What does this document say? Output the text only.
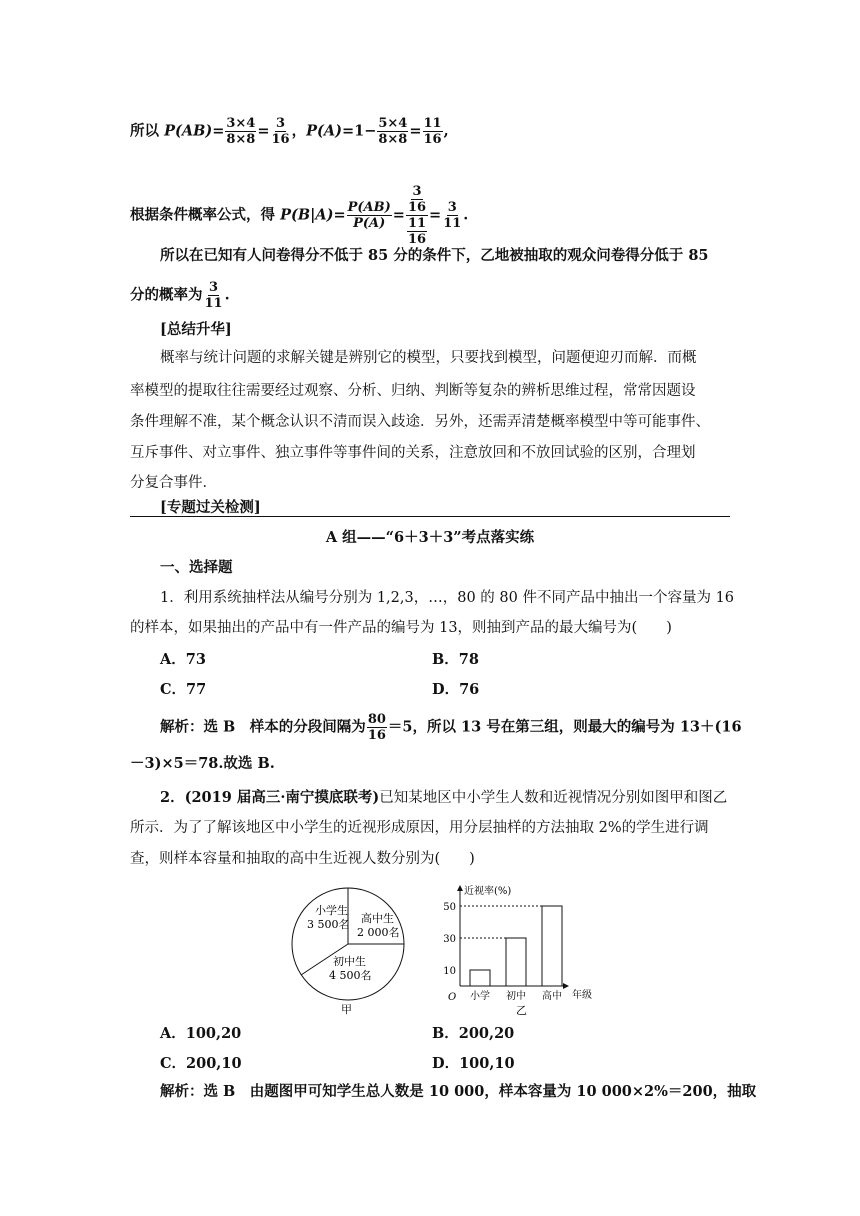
所以 $P(AB)= \frac{3\times 4}{8\times 8} = \frac{3}{16}$ ，$P(A)=1- \frac{5\times 4}{8\times 8} = \frac{11}{16}$ ,
根据条件概率公式，得 $P(B|A)= \frac{P(AB)}{P(A)} = \frac{\frac{3}{16}}{\frac{11}{16}} = \frac{3}{11}$ .
所以在已知有人问卷得分不低于 85 分的条件下，乙地被抽取的观众问卷得分低于 85
分的概率为 $\frac{3}{11}$ .
[总结升华]
概率与统计问题的求解关键是辨别它的模型，只要找到模型，问题便迎刃而解．而概
率模型的提取往往需要经过观察、分析、归纳、判断等复杂的辨析思维过程，常常因题设
条件理解不准，某个概念认识不清而误入歧途．另外，还需弄清楚概率模型中等可能事件、
互斥事件、对立事件、独立事件等事件间的关系，注意放回和不放回试验的区别，合理划
分复合事件．
[专题过关检测]
A 组——“6＋3＋3”考点落实练
一、选择题
1．利用系统抽样法从编号分别为 1,2,3，…，80 的 80 件不同产品中抽出一个容量为 16
的样本，如果抽出的产品中有一件产品的编号为 13，则抽到产品的最大编号为(　　)
A．73	B．78
C．77	D．76
解析：选 B　样本的分段间隔为 $\frac{80}{16} =5$，所以 13 号在第三组，则最大的编号为 13＋(16
－3)×5＝78.故选 B.
2．(2019 届高三·南宁摸底联考)已知某地区中小学生人数和近视情况分别如图甲和图乙
所示．为了了解该地区中小学生的近视形成原因，用分层抽样的方法抽取 2%的学生进行调
查，则样本容量和抽取的高中生近视人数分别为(　　)
小学生
3 500名 高中生
2 000名
初中生
4 500名
甲
近视率(%)
O	年级
乙
小学
10
初中
30
高中
50
A．100,20	B．200,20
C．200,10	D．100,10
解析：选 B　由题图甲可知学生总人数是 10 000，样本容量为 10 000×2%＝200，抽取
